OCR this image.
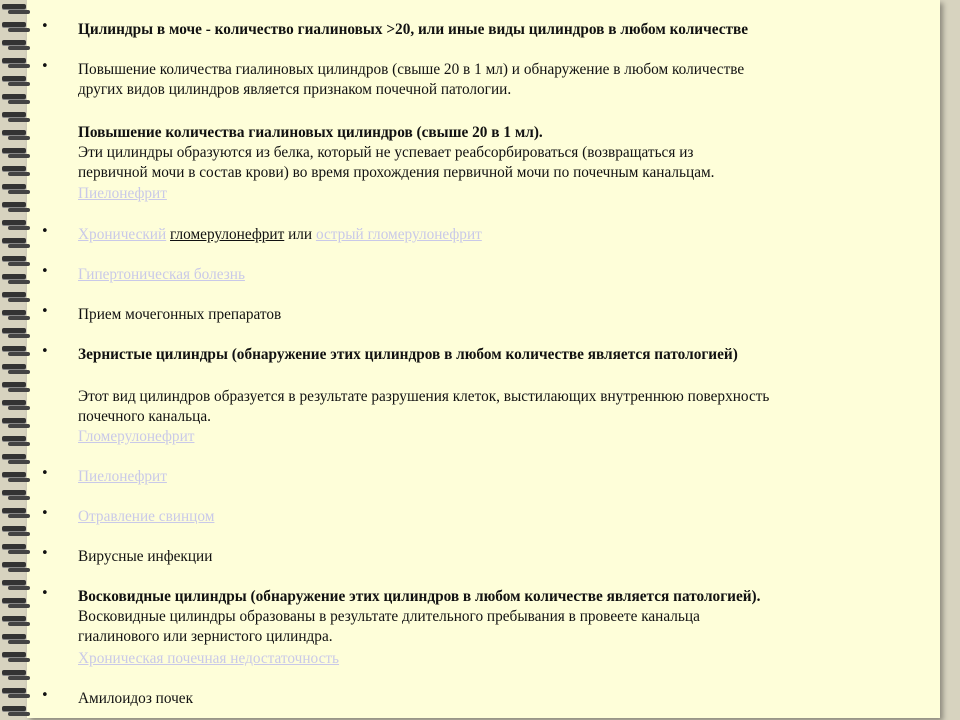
• Цилиндры в моче - количество гиалиновых >20, или иные виды цилиндров в любом количестве
• Повышение количества гиалиновых цилиндров (свыше 20 в 1 мл) и обнаружение в любом количестве
других видов цилиндров является признаком почечной патологии.
Повышение количества гиалиновых цилиндров (свыше 20 в 1 мл).
Эти цилиндры образуются из белка, который не успевает реабсорбироваться (возвращаться из
первичной мочи в состав крови) во время прохождения первичной мочи по почечным канальцам.
Пиелонефрит
• Хронический гломерулонефрит или острый гломерулонефрит
• Гипертоническая болезнь
• Прием мочегонных препаратов
• Зернистые цилиндры (обнаружение этих цилиндров в любом количестве является патологией)
Этот вид цилиндров образуется в результате разрушения клеток, выстилающих внутреннюю поверхность
почечного канальца.
Гломерулонефрит
• Пиелонефрит
• Отравление свинцом
• Вирусные инфекции
• Восковидные цилиндры (обнаружение этих цилиндров в любом количестве является патологией).
Восковидные цилиндры образованы в результате длительного пребывания в провеете канальца
гиалинового или зернистого цилиндра.
Хроническая почечная недостаточность
• Амилоидоз почек
